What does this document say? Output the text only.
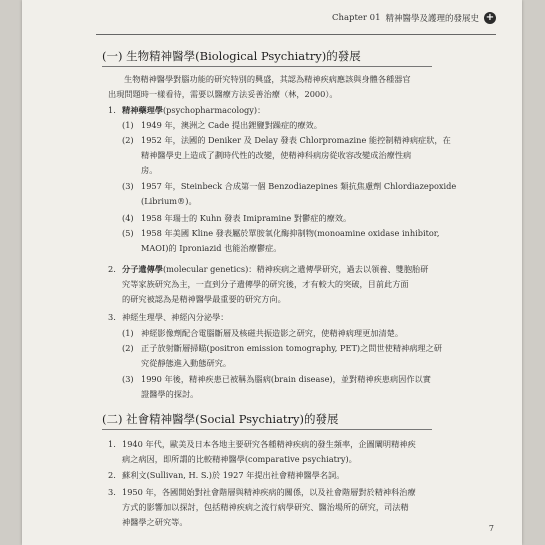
Chapter 01 精神醫學及護理的發展史 +
(一) 生物精神醫學(Biological Psychiatry)的發展
生物精神醫學對腦功能的研究特別的興盛，其認為精神疾病應該與身體各種器官
出現問題時一樣看待，需要以醫療方法妥善治療（林，2000）。
1. 精神藥理學(psychopharmacology)：
(1) 1949 年，澳洲之 Cade 提出鋰鹽對躁症的療效。
(2) 1952 年，法國的 Deniker 及 Delay 發表 Chlorpromazine 能控制精神病症狀，在
精神醫學史上造成了劃時代性的改變，使精神科病房從收容改變成治療性病
房。
(3) 1957 年，Steinbeck 合成第一個 Benzodiazepines 類抗焦慮劑 Chlordiazepoxide
(Librium®)。
(4) 1958 年瑞士的 Kuhn 發表 Imipramine 對鬱症的療效。
(5) 1958 年美國 Kline 發表屬於單胺氧化酶抑制物(monoamine oxidase inhibitor,
MAOI)的 Iproniazid 也能治療鬱症。
2. 分子遺傳學(molecular genetics)：精神疾病之遺傳學研究，過去以領養、雙胞胎研
究等家族研究為主，一直到分子遺傳學的研究後，才有較大的突破，目前此方面
的研究被認為是精神醫學最重要的研究方向。
3. 神經生理學、神經內分泌學：
(1) 神經影像劑配合電腦斷層及核磁共振造影之研究，使精神病理更加清楚。
(2) 正子放射斷層掃瞄(positron emission tomography, PET)之問世使精神病理之研
究從靜態進入動態研究。
(3) 1990 年後，精神疾患已被稱為腦病(brain disease)，並對精神疾患病因作以實
證醫學的探討。
(二) 社會精神醫學(Social Psychiatry)的發展
1. 1940 年代，歐美及日本各地主要研究各種精神疾病的發生頻率，企圖闡明精神疾
病之病因，即所謂的比較精神醫學(comparative psychiatry)。
2. 蘇利文(Sullivan, H. S.)於 1927 年提出社會精神醫學名詞。
3. 1950 年，各國開始對社會階層與精神疾病的關係，以及社會階層對於精神科治療
方式的影響加以探討，包括精神疾病之流行病學研究、醫治場所的研究，司法精
神醫學之研究等。
7
